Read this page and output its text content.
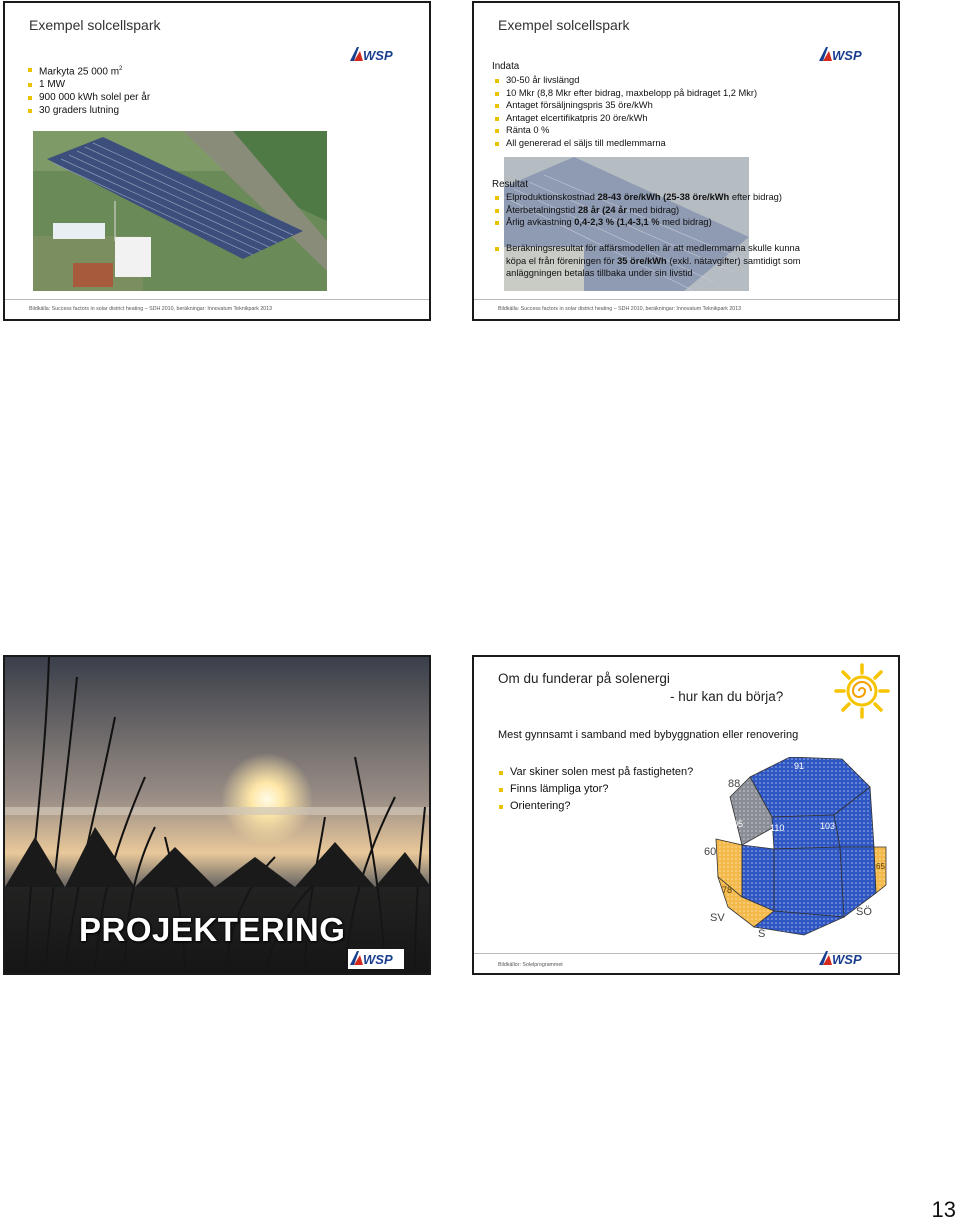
Exempel solcellspark
WSP
Markyta 25 000 $m^2$
1 MW
900 000 kWh solel per år
30 graders lutning
Bildkälla: Success factors in solar district heating – SDH 2010, beräkningar: Innovatum Teknikpark 2013
Exempel solcellspark
WSP
Indata
30-50 år livslängd
10 Mkr (8,8 Mkr efter bidrag, maxbelopp på bidraget 1,2 Mkr)
Antaget försäljningspris 35 öre/kWh
Antaget elcertifikatpris 20 öre/kWh
Ränta 0 %
All genererad el säljs till medlemmarna
Resultat
Elproduktionskostnad 28-43 öre/kWh (25-38 öre/kWh efter bidrag)
Återbetalningstid 28 år (24 år med bidrag)
Årlig avkastning 0,4-2,3 % (1,4-3,1 % med bidrag)
Beräkningsresultat för affärsmodellen är att medlemmarna skulle kunna
köpa el från föreningen för 35 öre/kWh (exkl. nätavgifter) samtidigt som
anläggningen betalas tillbaka under sin livstid
Bildkälla: Success factors in solar district heating – SDH 2010, beräkningar: Innovatum Teknikpark 2013
PROJEKTERING
WSP
Om du funderar på solenergi
- hur kan du börja?
Mest gynnsamt i samband med bybyggnation eller renovering
Var skiner solen mest på fastigheten?
Finns lämpliga ytor?
Orientering?
91
105	110	103
78
65
88
60
SV
S
SÖ
Bildkällor: Solelprogrammet	WSP
13
